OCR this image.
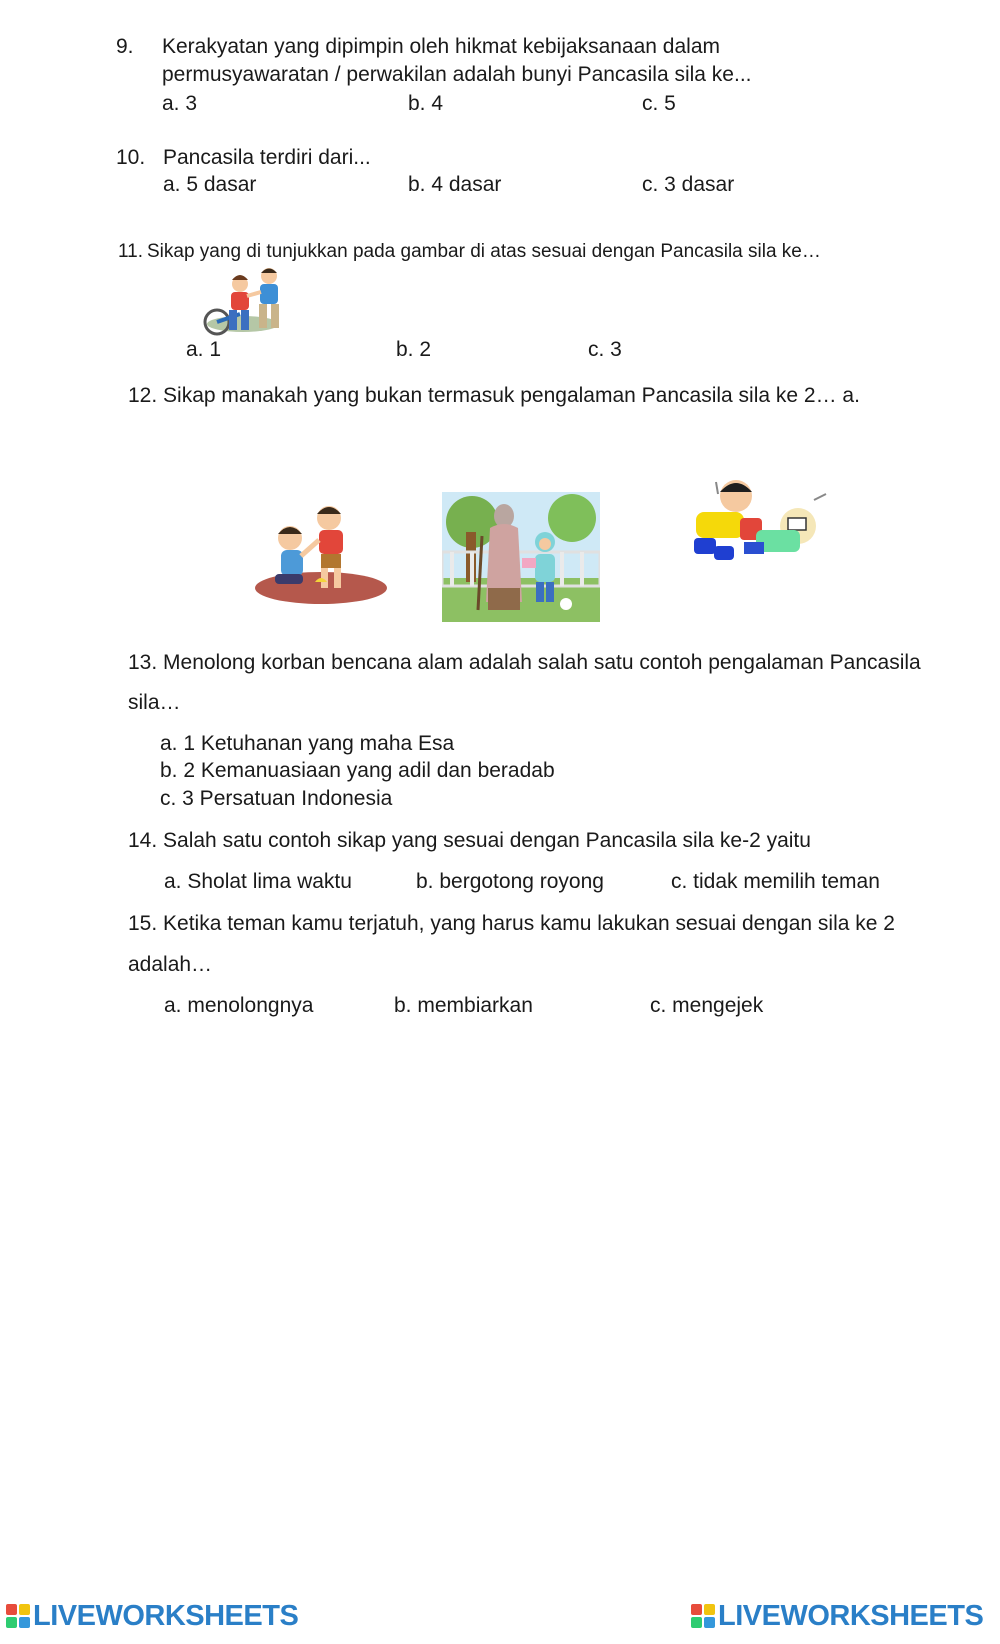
9. Kerakyatan yang dipimpin oleh hikmat kebijaksanaan dalam
permusyawaratan / perwakilan adalah bunyi Pancasila sila ke...
a. 3	b. 4	c. 5
10. Pancasila terdiri dari...
a. 5 dasar	b. 4 dasar	c. 3 dasar
11. Sikap yang di tunjukkan pada gambar di atas sesuai dengan Pancasila sila ke…
a. 1	b. 2	c. 3
12. Sikap manakah yang bukan termasuk pengalaman Pancasila sila ke 2… a.
13. Menolong korban bencana alam adalah salah satu contoh pengalaman Pancasila
sila…
a. 1 Ketuhanan yang maha Esa
b. 2 Kemanuasiaan yang adil dan beradab
c. 3 Persatuan Indonesia
14. Salah satu contoh sikap yang sesuai dengan Pancasila sila ke-2 yaitu
a. Sholat lima waktu	b. bergotong royong	c. tidak memilih teman
15. Ketika teman kamu terjatuh, yang harus kamu lakukan sesuai dengan sila ke 2
adalah…
a. menolongnya	b. membiarkan	c. mengejek
LIVEWORKSHEETS	LIVEWORKSHEETS
